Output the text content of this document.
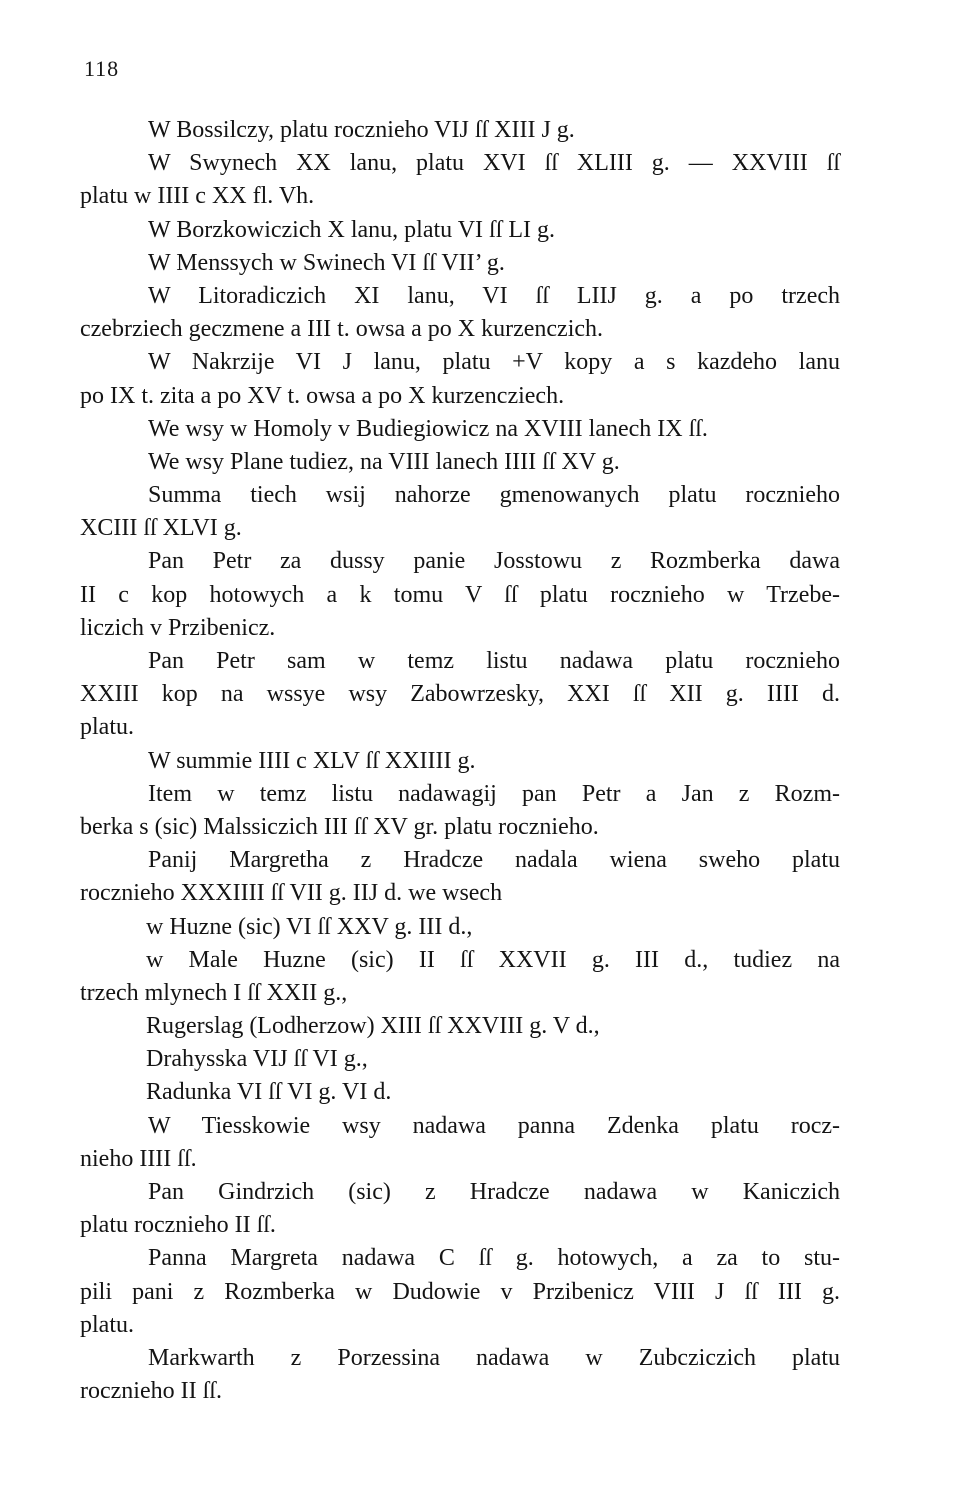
118

W Bossilczy, platu rocznieho VIJ ſſ XIII J g.
W Swynech XX lanu, platu XVI ſſ XLIII g. — XXVIII ſſ
platu w IIII c XX fl. Vh.
W Borzkowiczich X lanu, platu VI ſſ LI g.
W Menssych w Swinech VI ſſ VII’ g.
W Litoradiczich XI lanu, VI ſſ LIIJ g. a po trzech
czebrziech geczmene a III t. owsa a po X kurzenczich.
W Nakrzije VI J lanu, platu +V kopy a s kazdeho lanu
po IX t. zita a po XV t. owsa a po X kurzencziech.
We wsy w Homoly v Budiegiowicz na XVIII lanech IX ſſ.
We wsy Plane tudiez, na VIII lanech IIII ſſ XV g.
Summa tiech wsij nahorze gmenowanych platu rocznieho
XCIII ſſ XLVI g.
Pan Petr za dussy panie Josstowu z Rozmberka dawa
II c kop hotowych a k tomu V ſſ platu rocznieho w Trzebe-
liczich v Przibenicz.
Pan Petr sam w temz listu nadawa platu rocznieho
XXIII kop na wssye wsy Zabowrzesky, XXI ſſ XII g. IIII d.
platu.
W summie IIII c XLV ſſ XXIIII g.
Item w temz listu nadawagij pan Petr a Jan z Rozm-
berka s (sic) Malssiczich III ſſ XV gr. platu rocznieho.
Panij Margretha z Hradcze nadala wiena sweho platu
rocznieho XXXIIII ſſ VII g. IIJ d. we wsech
w Huzne (sic) VI ſſ XXV g. III d.,
w Male Huzne (sic) II ſſ XXVII g. III d., tudiez na
trzech mlynech I ſſ XXII g.,
Rugerslag (Lodherzow) XIII ſſ XXVIII g. V d.,
Drahysska VIJ ſſ VI g.,
Radunka VI ſſ VI g. VI d.
W Tiesskowie wsy nadawa panna Zdenka platu rocz-
nieho IIII ſſ.
Pan Gindrzich (sic) z Hradcze nadawa w Kaniczich
platu rocznieho II ſſ.
Panna Margreta nadawa C ſſ g. hotowych, a za to stu-
pili pani z Rozmberka w Dudowie v Przibenicz VIII J ſſ III g.
platu.
Markwarth z Porzessina nadawa w Zubcziczich platu
rocznieho II ſſ.
